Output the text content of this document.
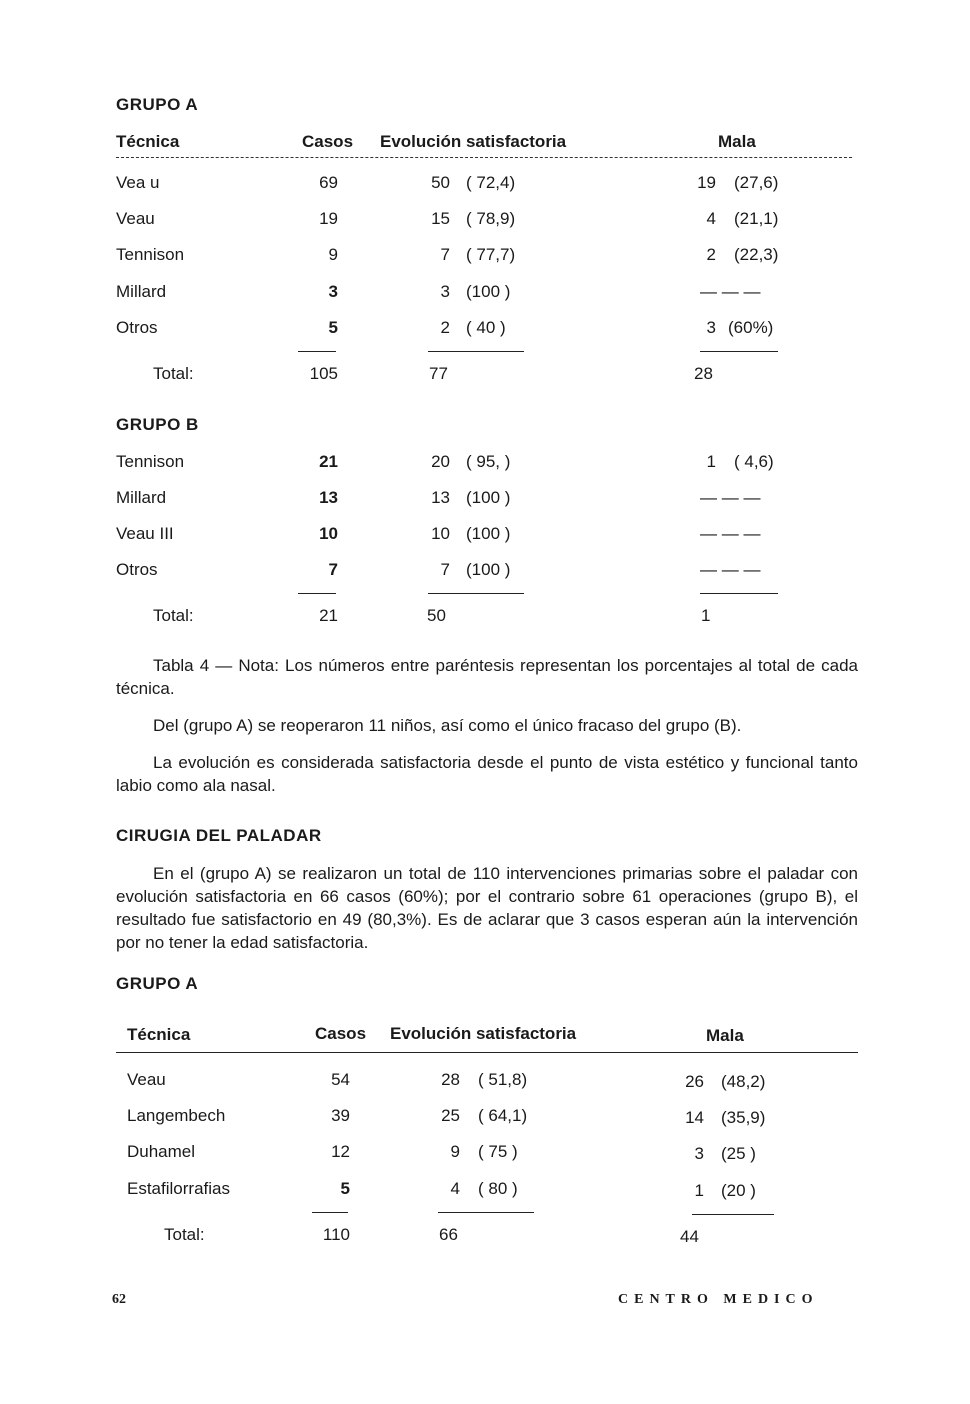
GRUPO A
Técnica	Casos Evolución satisfactoria	Mala
Vea u	69	50 ( 72,4)	19 (27,6)
Veau	19	15 ( 78,9)	4 (21,1)
Tennison	9	7 ( 77,7)	2 (22,3)
Millard	3	3 (100 )	— — —
Otros	5	2 ( 40 )	3 (60%)
Total:	105	77	28
GRUPO B
Tennison	21	20 ( 95, )	1 ( 4,6)
Millard	13	13 (100 )	— — —
Veau III	10	10 (100 )	— — —
Otros	7	7 (100 )	— — —
Total:	21	50	1

Tabla 4 — Nota: Los números entre paréntesis representan los porcentajes al total de cada técnica.

Del (grupo A) se reoperaron 11 niños, así como el único fracaso del grupo (B).

La evolución es considerada satisfactoria desde el punto de vista estético y funcional tanto labio como ala nasal.

CIRUGIA DEL PALADAR

En el (grupo A) se realizaron un total de 110 intervenciones primarias sobre el paladar con evolución satisfactoria en 66 casos (60%); por el contrario sobre 61 operaciones (grupo B), el resultado fue satisfactorio en 49 (80,3%). Es de aclarar que 3 casos esperan aún la intervención por no tener la edad satisfactoria.

GRUPO A
Técnica	Casos Evolución satisfactoria	Mala
Veau	54	28 ( 51,8)	26 (48,2)
Langembech	39	25 ( 64,1)	14 (35,9)
Duhamel	12	9 ( 75 )	3 (25 )
Estafilorrafias	5	4 ( 80 )	1 (20 )
Total:	110	66	44
62	CENTRO MEDICO
